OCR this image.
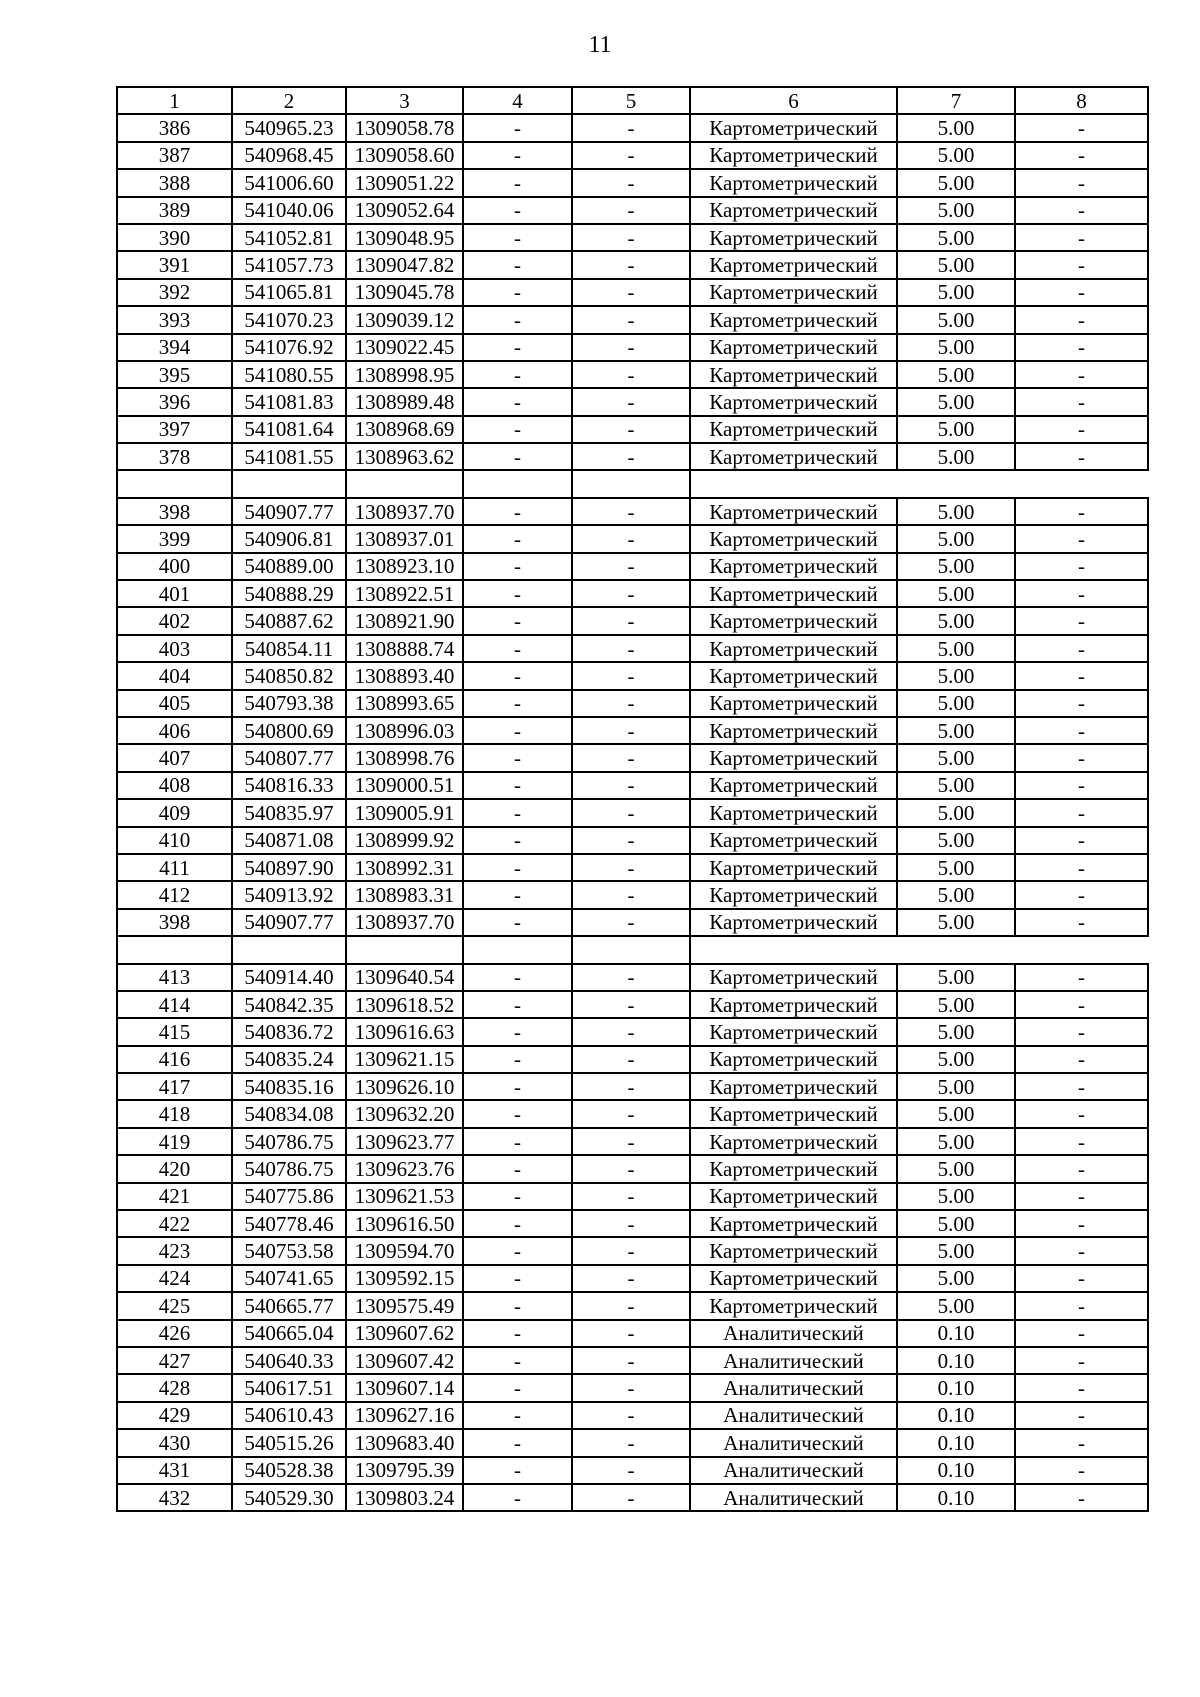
11
1	2	3	4	5	6	7	8
386	540965.23	1309058.78	-	-	Картометрический	5.00	-
387	540968.45	1309058.60	-	-	Картометрический	5.00	-
388	541006.60	1309051.22	-	-	Картометрический	5.00	-
389	541040.06	1309052.64	-	-	Картометрический	5.00	-
390	541052.81	1309048.95	-	-	Картометрический	5.00	-
391	541057.73	1309047.82	-	-	Картометрический	5.00	-
392	541065.81	1309045.78	-	-	Картометрический	5.00	-
393	541070.23	1309039.12	-	-	Картометрический	5.00	-
394	541076.92	1309022.45	-	-	Картометрический	5.00	-
395	541080.55	1308998.95	-	-	Картометрический	5.00	-
396	541081.83	1308989.48	-	-	Картометрический	5.00	-
397	541081.64	1308968.69	-	-	Картометрический	5.00	-
378	541081.55	1308963.62	-	-	Картометрический	5.00	-

398	540907.77	1308937.70	-	-	Картометрический	5.00	-
399	540906.81	1308937.01	-	-	Картометрический	5.00	-
400	540889.00	1308923.10	-	-	Картометрический	5.00	-
401	540888.29	1308922.51	-	-	Картометрический	5.00	-
402	540887.62	1308921.90	-	-	Картометрический	5.00	-
403	540854.11	1308888.74	-	-	Картометрический	5.00	-
404	540850.82	1308893.40	-	-	Картометрический	5.00	-
405	540793.38	1308993.65	-	-	Картометрический	5.00	-
406	540800.69	1308996.03	-	-	Картометрический	5.00	-
407	540807.77	1308998.76	-	-	Картометрический	5.00	-
408	540816.33	1309000.51	-	-	Картометрический	5.00	-
409	540835.97	1309005.91	-	-	Картометрический	5.00	-
410	540871.08	1308999.92	-	-	Картометрический	5.00	-
411	540897.90	1308992.31	-	-	Картометрический	5.00	-
412	540913.92	1308983.31	-	-	Картометрический	5.00	-
398	540907.77	1308937.70	-	-	Картометрический	5.00	-

413	540914.40	1309640.54	-	-	Картометрический	5.00	-
414	540842.35	1309618.52	-	-	Картометрический	5.00	-
415	540836.72	1309616.63	-	-	Картометрический	5.00	-
416	540835.24	1309621.15	-	-	Картометрический	5.00	-
417	540835.16	1309626.10	-	-	Картометрический	5.00	-
418	540834.08	1309632.20	-	-	Картометрический	5.00	-
419	540786.75	1309623.77	-	-	Картометрический	5.00	-
420	540786.75	1309623.76	-	-	Картометрический	5.00	-
421	540775.86	1309621.53	-	-	Картометрический	5.00	-
422	540778.46	1309616.50	-	-	Картометрический	5.00	-
423	540753.58	1309594.70	-	-	Картометрический	5.00	-
424	540741.65	1309592.15	-	-	Картометрический	5.00	-
425	540665.77	1309575.49	-	-	Картометрический	5.00	-
426	540665.04	1309607.62	-	-	Аналитический	0.10	-
427	540640.33	1309607.42	-	-	Аналитический	0.10	-
428	540617.51	1309607.14	-	-	Аналитический	0.10	-
429	540610.43	1309627.16	-	-	Аналитический	0.10	-
430	540515.26	1309683.40	-	-	Аналитический	0.10	-
431	540528.38	1309795.39	-	-	Аналитический	0.10	-
432	540529.30	1309803.24	-	-	Аналитический	0.10	-
